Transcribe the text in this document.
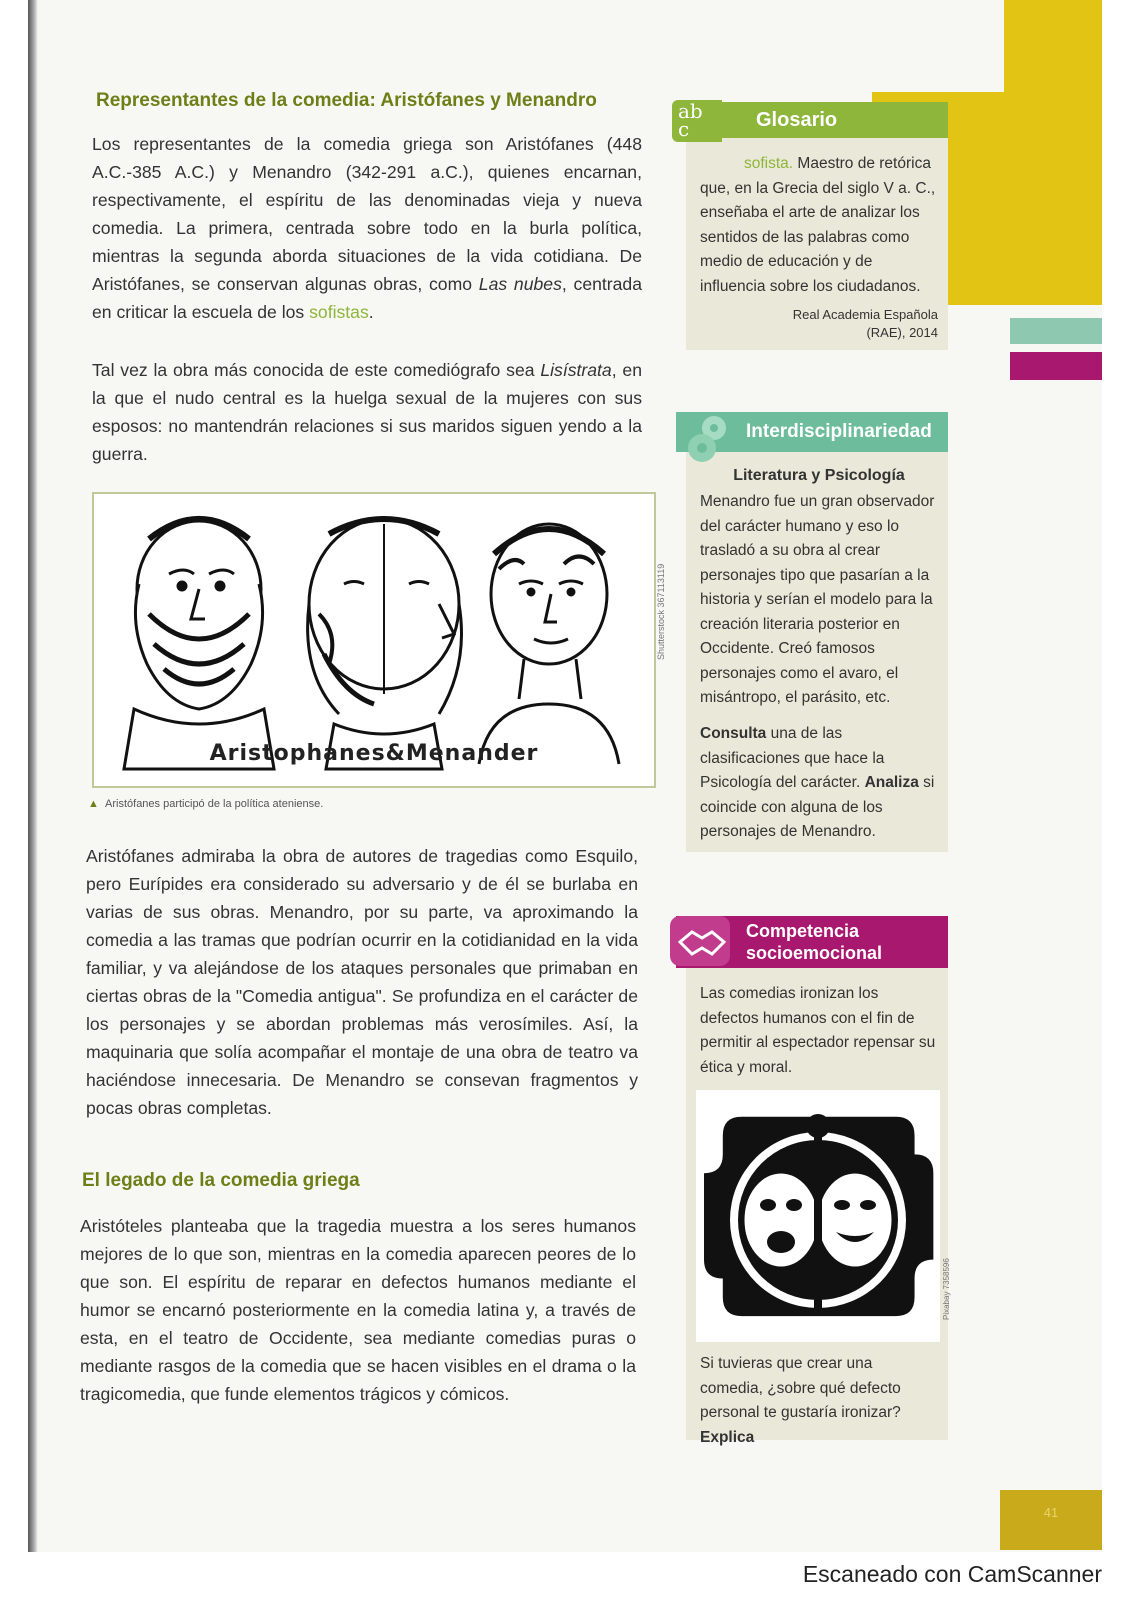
41
Representantes de la comedia: Aristófanes y Menandro

Los representantes de la comedia griega son Aristófanes (448 A.C.-385 A.C.) y Menandro (342-291 a.C.), quienes encarnan, respectivamente, el espíritu de las denominadas vieja y nueva comedia. La primera, centrada sobre todo en la burla política, mientras la segunda aborda situaciones de la vida cotidiana. De Aristófanes, se conservan algunas obras, como Las nubes, centrada en criticar la escuela de los sofistas.

Tal vez la obra más conocida de este comediógrafo sea Lisístrata, en la que el nudo central es la huelga sexual de la mujeres con sus esposos: no mantendrán relaciones si sus maridos siguen yendo a la guerra.

Aristophanes&Menander
Shutterstock 367113119
▲ Aristófanes participó de la política ateniense.

Aristófanes admiraba la obra de autores de tragedias como Esquilo, pero Eurípides era considerado su adversario y de él se burlaba en varias de sus obras. Menandro, por su parte, va aproximando la comedia a las tramas que podrían ocurrir en la cotidianidad en la vida familiar, y va alejándose de los ataques personales que primaban en ciertas obras de la "Comedia antigua". Se profundiza en el carácter de los personajes y se abordan problemas más verosímiles. Así, la maquinaria que solía acompañar el montaje de una obra de teatro va haciéndose innecesaria. De Menandro se consevan fragmentos y pocas obras completas.

El legado de la comedia griega

Aristóteles planteaba que la tragedia muestra a los seres humanos mejores de lo que son, mientras en la comedia aparecen peores de lo que son. El espíritu de reparar en defectos humanos mediante el humor se encarnó posteriormente en la comedia latina y, a través de esta, en el teatro de Occidente, sea mediante comedias puras o mediante rasgos de la comedia que se hacen visibles en el drama o la tragicomedia, que funde elementos trágicos y cómicos.

ab c	Glosario

sofista. Maestro de retórica que, en la Grecia del siglo V a. C., enseñaba el arte de analizar los sentidos de las palabras como medio de educación y de influencia sobre los ciudadanos.

Real Academia Española (RAE), 2014
Interdisciplinariedad
Literatura y Psicología
Menandro fue un gran observador del carácter humano y eso lo trasladó a su obra al crear personajes tipo que pasarían a la historia y serían el modelo para la creación literaria posterior en Occidente. Creó famosos personajes como el avaro, el misántropo, el parásito, etc.

Consulta una de las clasificaciones que hace la Psicología del carácter. Analiza si coincide con alguna de los personajes de Menandro.

Competencia
socioemocional
Las comedias ironizan los defectos humanos con el fin de permitir al espectador repensar su ética y moral.
Pixabay 7358596

Si tuvieras que crear una comedia, ¿sobre qué defecto personal te gustaría ironizar? Explica

Escaneado con CamScanner
